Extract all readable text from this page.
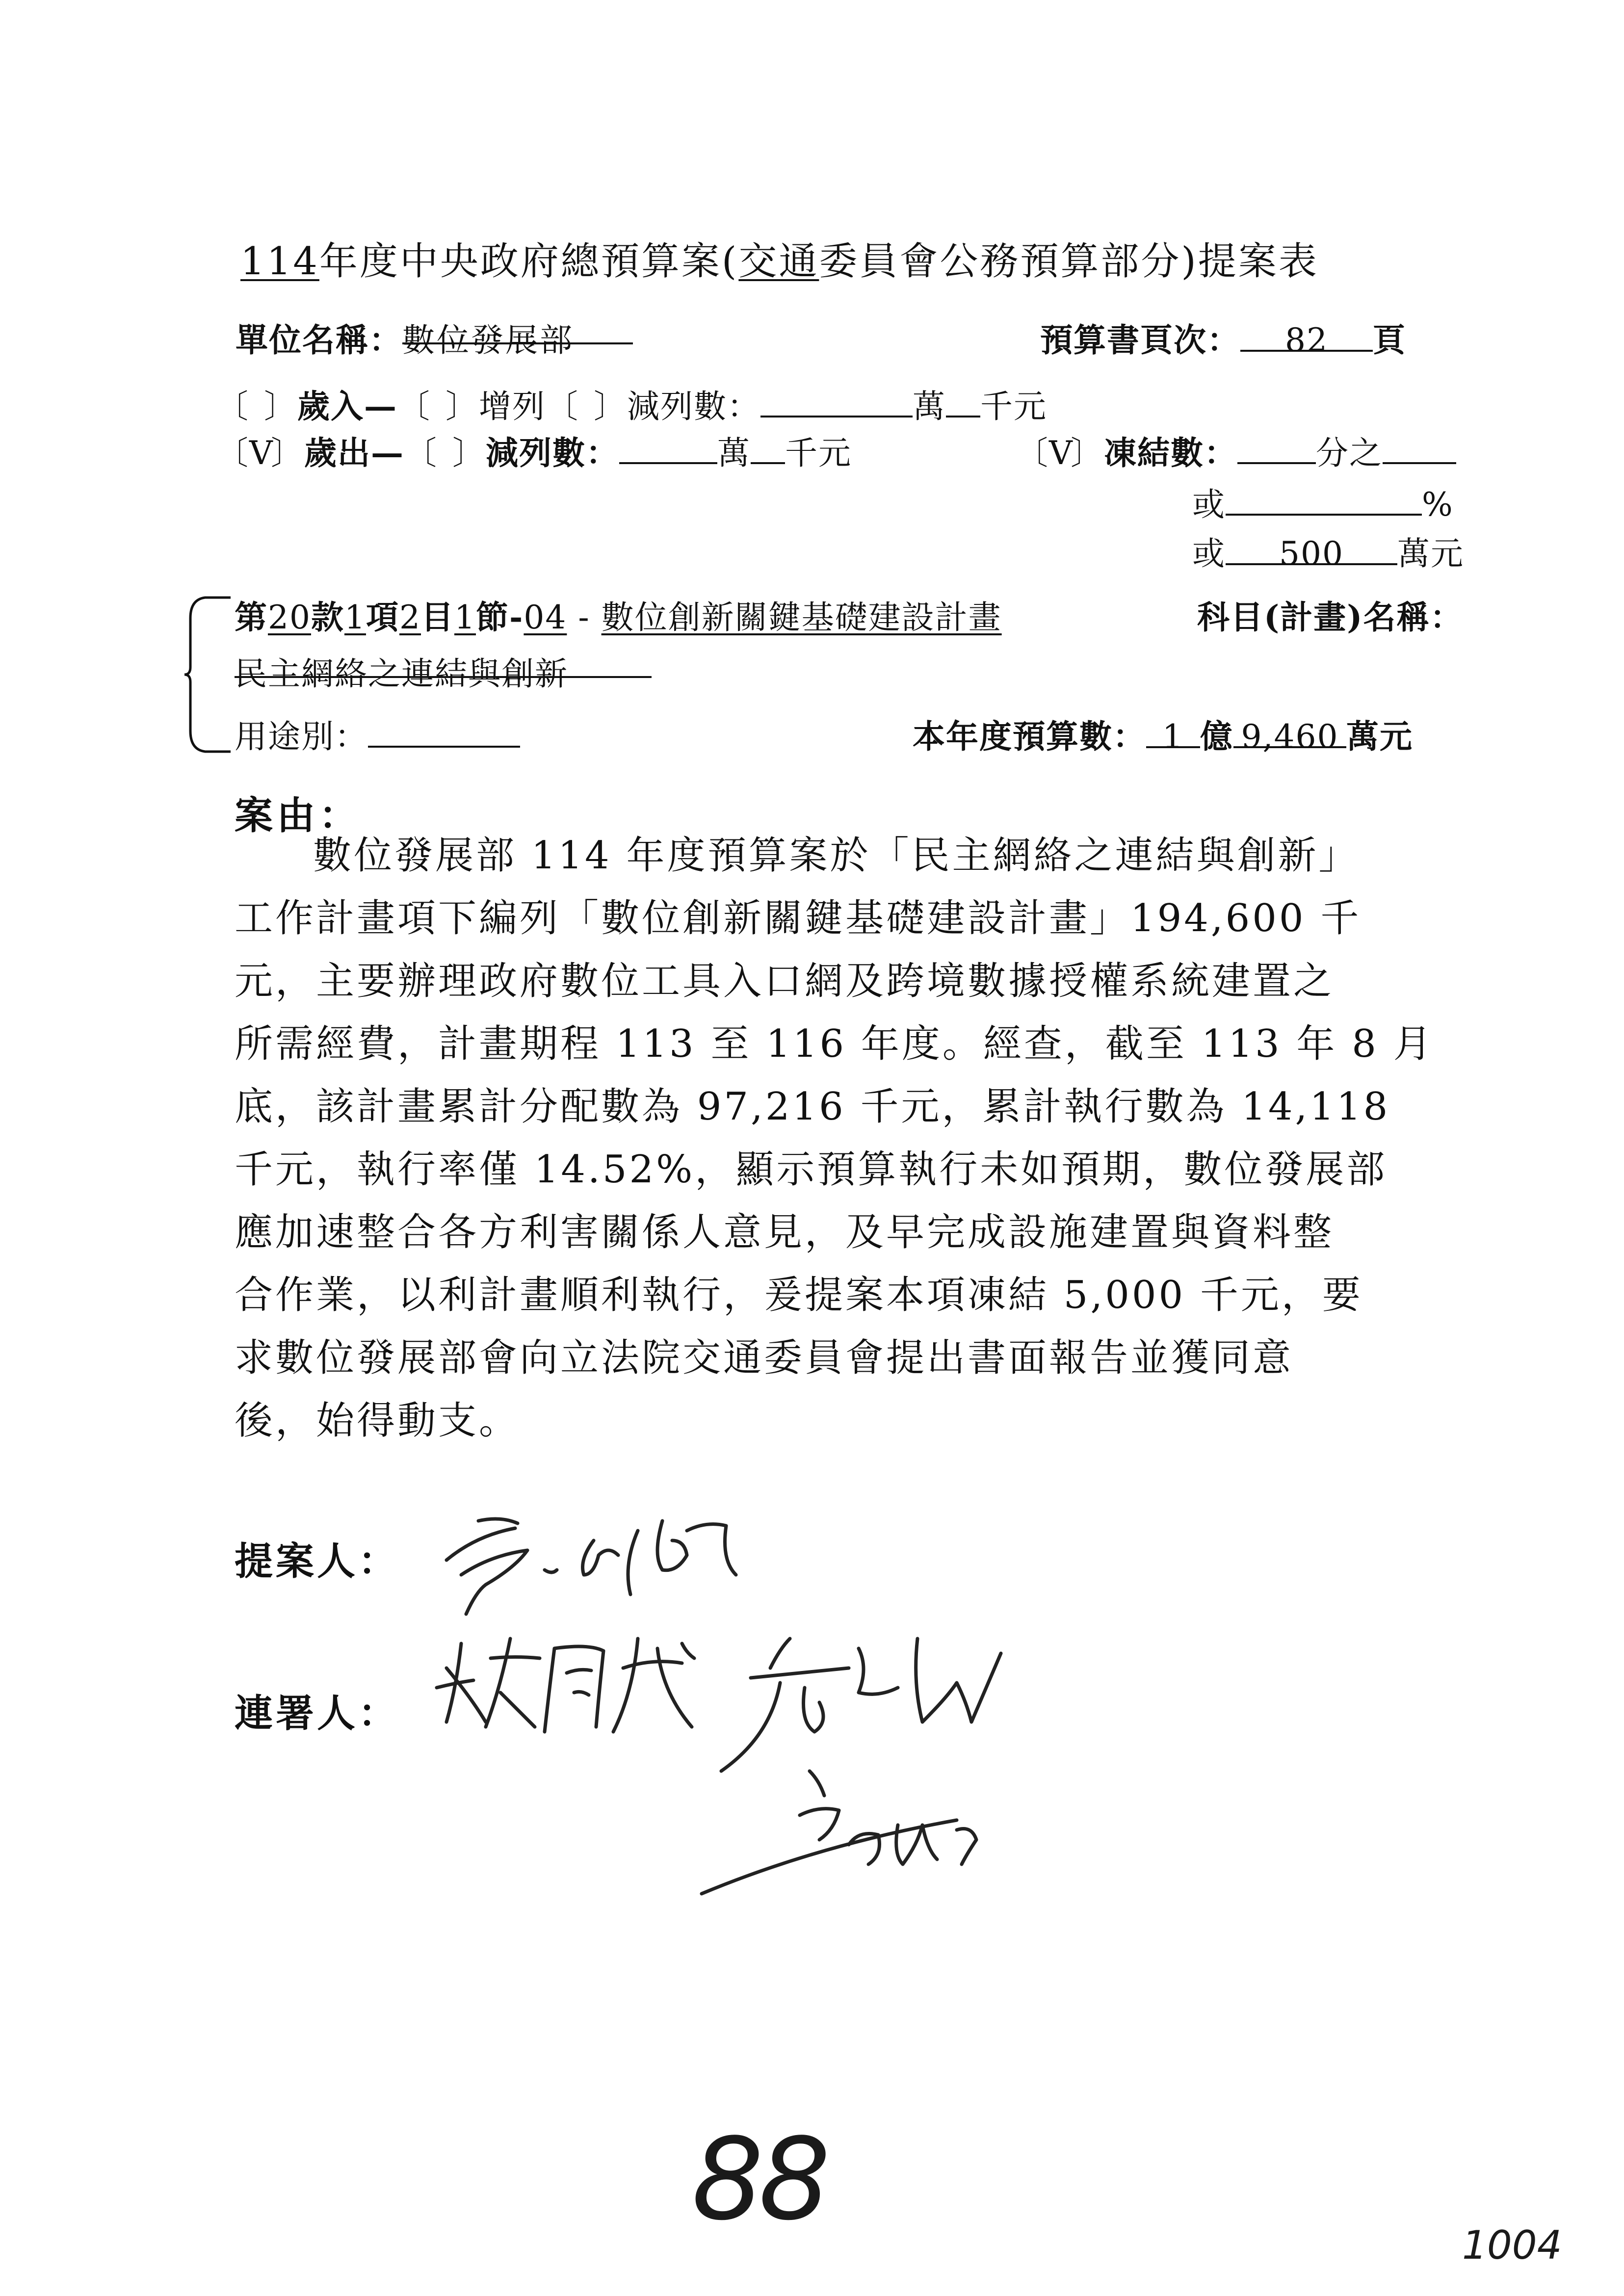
114年度中央政府總預算案(交通委員會公務預算部分)提案表
單位名稱：數位發展部	預算書頁次： 82 頁
〔 〕歲入—〔 〕增列〔 〕減列數：	萬 千元
〔V〕歲出—〔 〕減列數：	萬 千元	〔V〕凍結數： 分之
或	%
或 500 萬元
第20款1項2目1節-04 - 數位創新關鍵基礎建設計畫	科目(計畫)名稱：
民主網絡之連結與創新
用途別：	本年度預算數： 1 億 9,460 萬元
案由：
數位發展部 114 年度預算案於「民主網絡之連結與創新」
工作計畫項下編列「數位創新關鍵基礎建設計畫」194,600 千
元，主要辦理政府數位工具入口網及跨境數據授權系統建置之
所需經費，計畫期程 113 至 116 年度。經查，截至 113 年 8 月
底，該計畫累計分配數為 97,216 千元，累計執行數為 14,118
千元，執行率僅 14.52%，顯示預算執行未如預期，數位發展部
應加速整合各方利害關係人意見，及早完成設施建置與資料整
合作業，以利計畫順利執行，爰提案本項凍結 5,000 千元，要
求數位發展部會向立法院交通委員會提出書面報告並獲同意
後，始得動支。
提案人：
連署人：
88	1004
